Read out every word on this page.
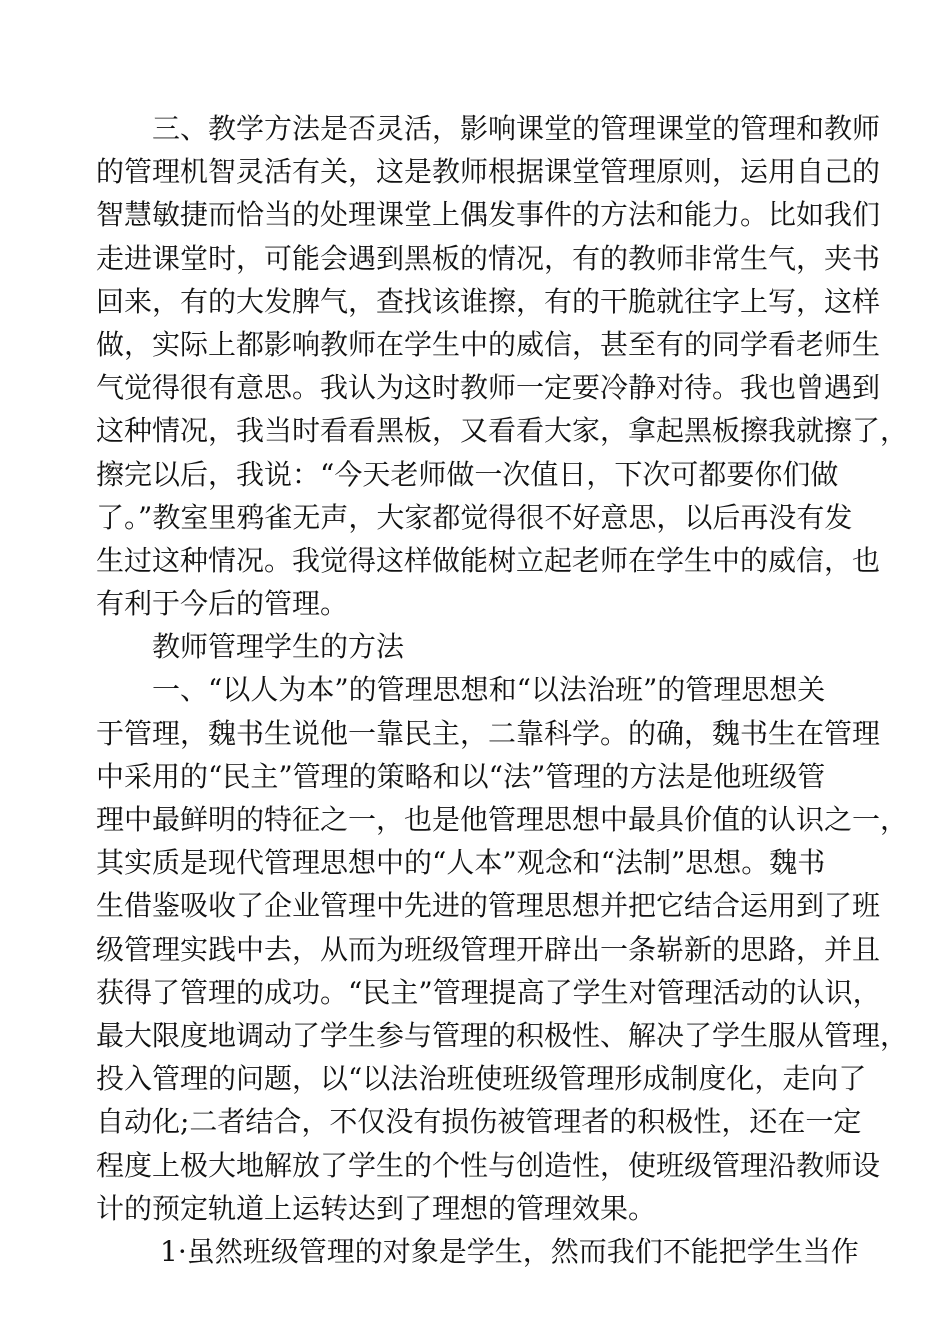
三、教学方法是否灵活，影响课堂的管理课堂的管理和教师
的管理机智灵活有关，这是教师根据课堂管理原则，运用自己的
智慧敏捷而恰当的处理课堂上偶发事件的方法和能力。比如我们
走进课堂时，可能会遇到黑板的情况，有的教师非常生气，夹书
回来，有的大发脾气，查找该谁擦，有的干脆就往字上写，这样
做，实际上都影响教师在学生中的威信，甚至有的同学看老师生
气觉得很有意思。我认为这时教师一定要冷静对待。我也曾遇到
这种情况，我当时看看黑板，又看看大家，拿起黑板擦我就擦了，
擦完以后，我说：“今天老师做一次值日，下次可都要你们做
了。”教室里鸦雀无声，大家都觉得很不好意思，以后再没有发
生过这种情况。我觉得这样做能树立起老师在学生中的威信，也
有利于今后的管理。
教师管理学生的方法
一、“以人为本”的管理思想和“以法治班”的管理思想关
于管理，魏书生说他一靠民主，二靠科学。的确，魏书生在管理
中采用的“民主”管理的策略和以“法”管理的方法是他班级管
理中最鲜明的特征之一，也是他管理思想中最具价值的认识之一，
其实质是现代管理思想中的“人本”观念和“法制”思想。魏书
生借鉴吸收了企业管理中先进的管理思想并把它结合运用到了班
级管理实践中去，从而为班级管理开辟出一条崭新的思路，并且
获得了管理的成功。“民主”管理提高了学生对管理活动的认识，
最大限度地调动了学生参与管理的积极性、解决了学生服从管理，
投入管理的问题，以“以法治班使班级管理形成制度化，走向了
自动化;二者结合，不仅没有损伤被管理者的积极性，还在一定
程度上极大地解放了学生的个性与创造性，使班级管理沿教师设
计的预定轨道上运转达到了理想的管理效果。
1·虽然班级管理的对象是学生，然而我们不能把学生当作
